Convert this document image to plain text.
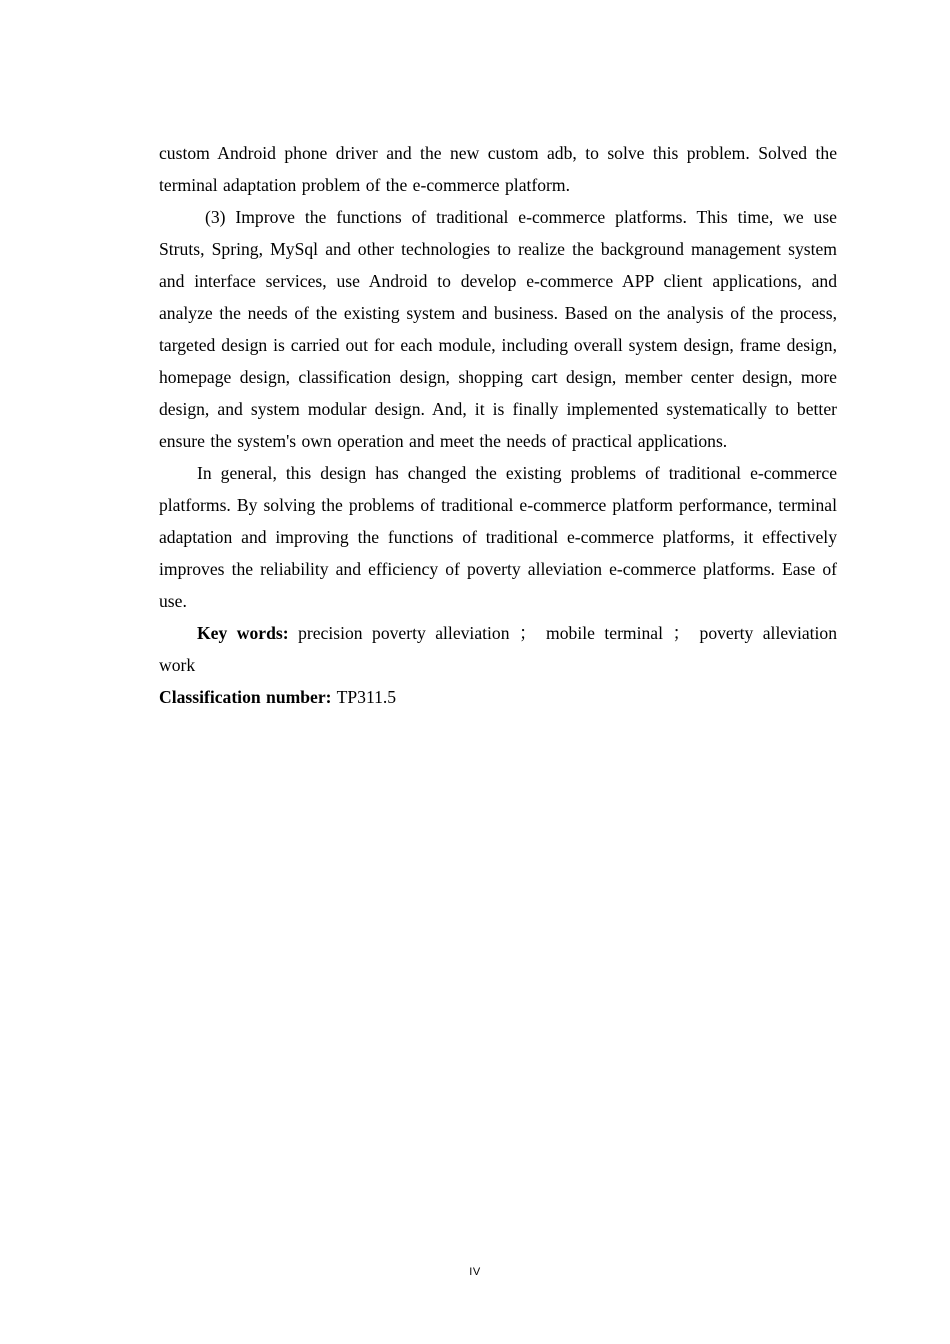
custom Android phone driver and the new custom adb, to solve this problem. Solved the terminal adaptation problem of the e-commerce platform.

(3) Improve the functions of traditional e-commerce platforms. This time, we use Struts, Spring, MySql and other technologies to realize the background management system and interface services, use Android to develop e-commerce APP client applications, and analyze the needs of the existing system and business. Based on the analysis of the process, targeted design is carried out for each module, including overall system design, frame design, homepage design, classification design, shopping cart design, member center design, more design, and system modular design. And, it is finally implemented systematically to better ensure the system's own operation and meet the needs of practical applications.

In general, this design has changed the existing problems of traditional e-commerce platforms. By solving the problems of traditional e-commerce platform performance, terminal adaptation and improving the functions of traditional e-commerce platforms, it effectively improves the reliability and efficiency of poverty alleviation e-commerce platforms. Ease of use.

Key words: precision poverty alleviation ； mobile terminal ； poverty alleviation work

Classification number: TP311.5

IV
